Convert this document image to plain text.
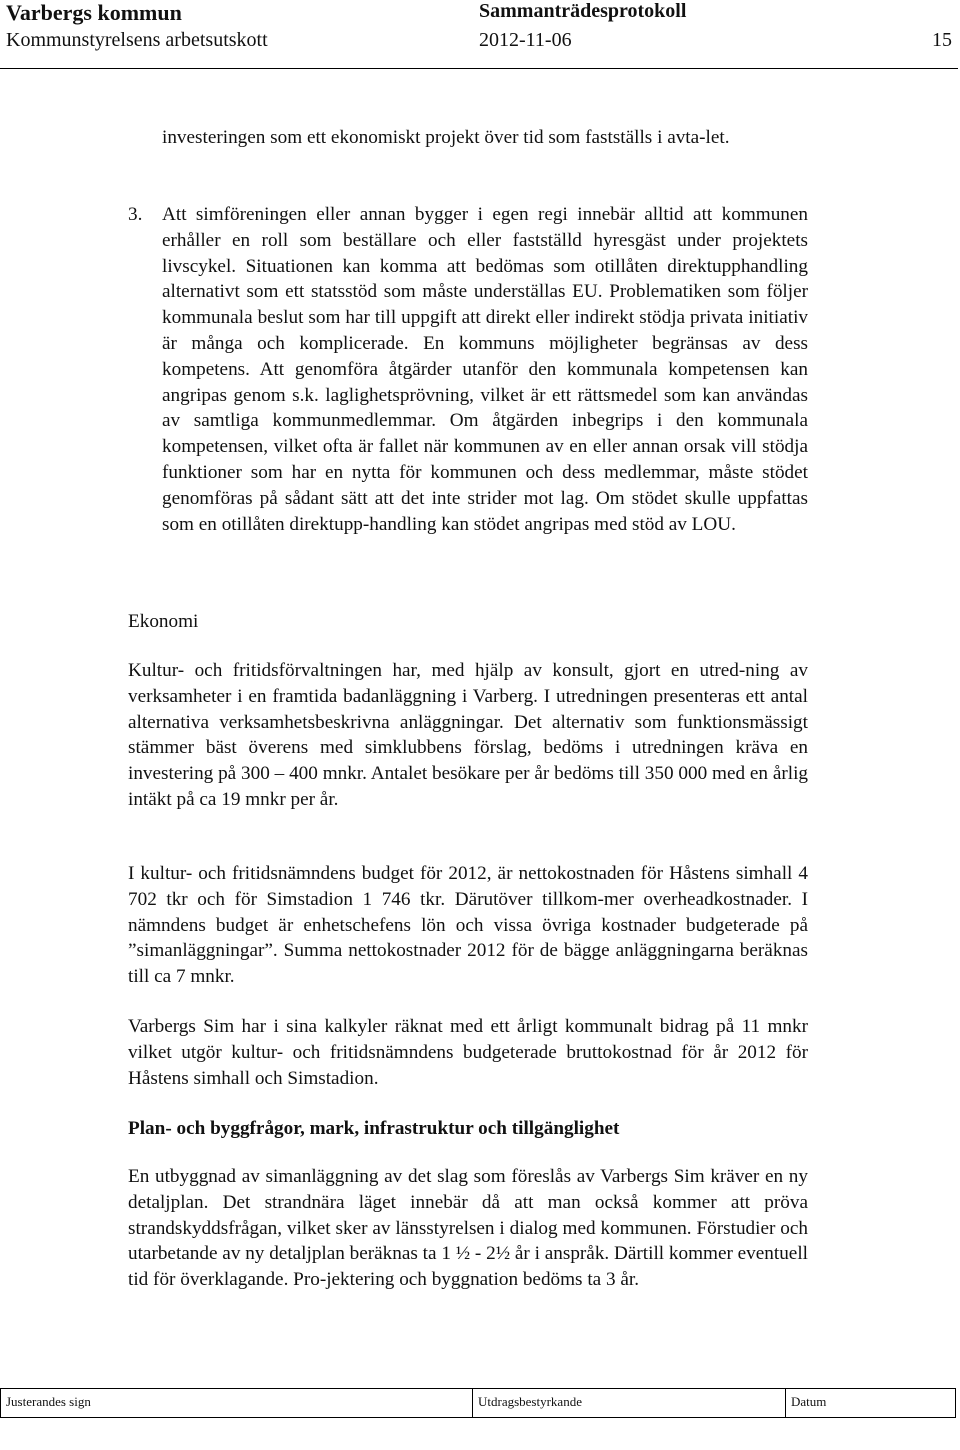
Varbergs kommun	Sammanträdesprotokoll
Kommunstyrelsens arbetsutskott	2012-11-06	15

investeringen som ett ekonomiskt projekt över tid som fastställs i avta-let.

3. Att simföreningen eller annan bygger i egen regi innebär alltid att kommunen erhåller en roll som beställare och eller fastställd hyresgäst under projektets livscykel. Situationen kan komma att bedömas som otillåten direktupphandling alternativt som ett statsstöd som måste underställas EU. Problematiken som följer kommunala beslut som har till uppgift att direkt eller indirekt stödja privata initiativ är många och komplicerade. En kommuns möjligheter begränsas av dess kompetens. Att genomföra åtgärder utanför den kommunala kompetensen kan angripas genom s.k. laglighetsprövning, vilket är ett rättsmedel som kan användas av samtliga kommunmedlemmar. Om åtgärden inbegrips i den kommunala kompetensen, vilket ofta är fallet när kommunen av en eller annan orsak vill stödja funktioner som har en nytta för kommunen och dess medlemmar, måste stödet genomföras på sådant sätt att det inte strider mot lag. Om stödet skulle uppfattas som en otillåten direktupp-handling kan stödet angripas med stöd av LOU.

Ekonomi

Kultur- och fritidsförvaltningen har, med hjälp av konsult, gjort en utred-ning av verksamheter i en framtida badanläggning i Varberg. I utredningen presenteras ett antal alternativa verksamhetsbeskrivna anläggningar. Det alternativ som funktionsmässigt stämmer bäst överens med simklubbens förslag, bedöms i utredningen kräva en investering på 300 – 400 mnkr. Antalet besökare per år bedöms till 350 000 med en årlig intäkt på ca 19 mnkr per år.

I kultur- och fritidsnämndens budget för 2012, är nettokostnaden för Håstens simhall 4 702 tkr och för Simstadion 1 746 tkr. Därutöver tillkom-mer overheadkostnader. I nämndens budget är enhetschefens lön och vissa övriga kostnader budgeterade på ”simanläggningar”. Summa nettokostnader 2012 för de bägge anläggningarna beräknas till ca 7 mnkr.

Varbergs Sim har i sina kalkyler räknat med ett årligt kommunalt bidrag på 11 mnkr vilket utgör kultur- och fritidsnämndens budgeterade bruttokostnad för år 2012 för Håstens simhall och Simstadion.

Plan- och byggfrågor, mark, infrastruktur och tillgänglighet

En utbyggnad av simanläggning av det slag som föreslås av Varbergs Sim kräver en ny detaljplan. Det strandnära läget innebär då att man också kommer att pröva strandskyddsfrågan, vilket sker av länsstyrelsen i dialog med kommunen. Förstudier och utarbetande av ny detaljplan beräknas ta 1 ½ - 2½ år i anspråk. Därtill kommer eventuell tid för överklagande. Pro-jektering och byggnation bedöms ta 3 år.

Justerandes sign	Utdragsbestyrkande	Datum
